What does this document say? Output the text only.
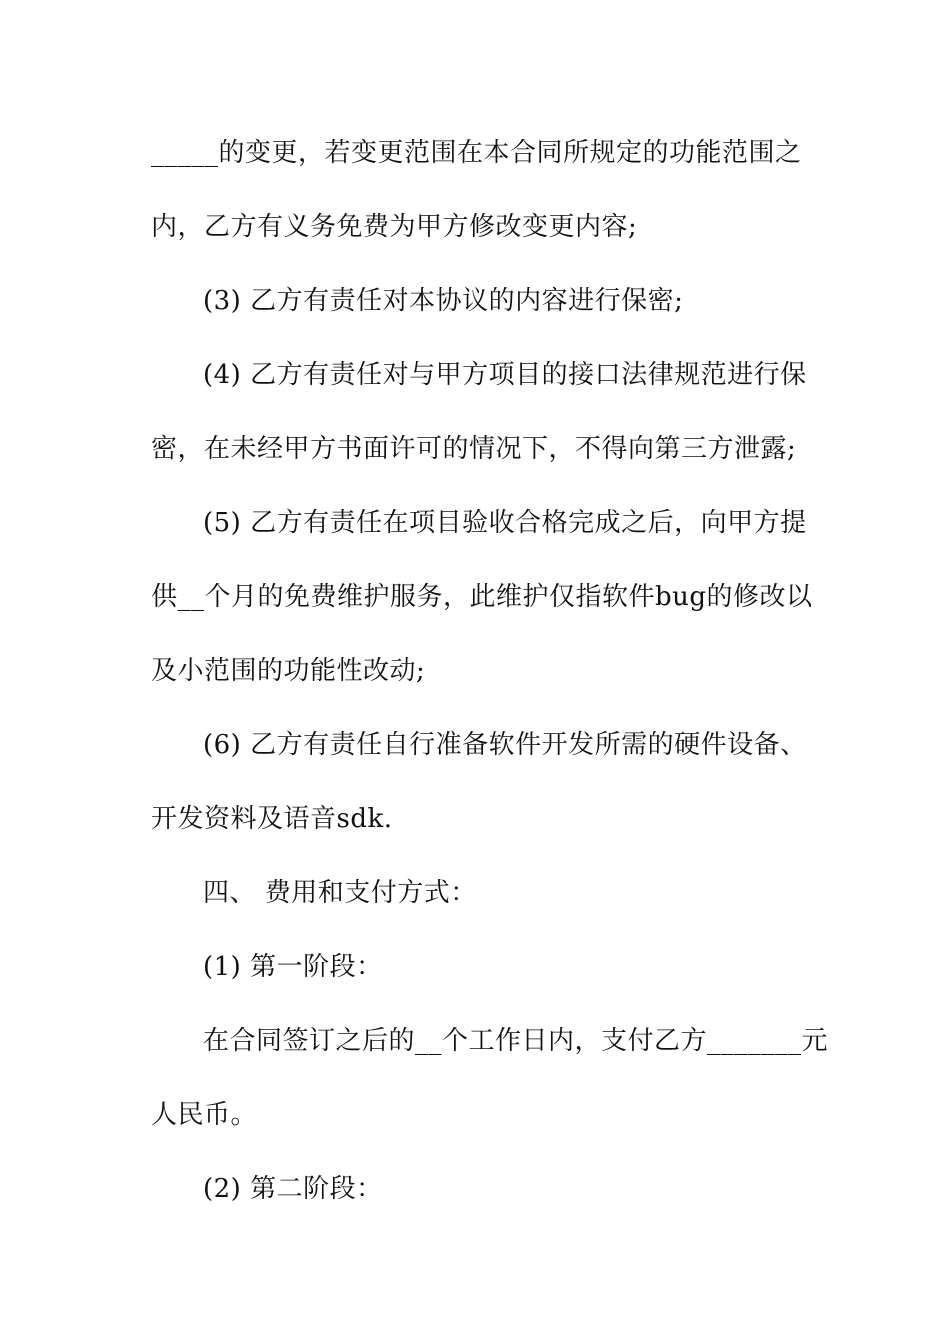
_____的变更，若变更范围在本合同所规定的功能范围之
内，乙方有义务免费为甲方修改变更内容;
(3) 乙方有责任对本协议的内容进行保密;
(4) 乙方有责任对与甲方项目的接口法律规范进行保
密，在未经甲方书面许可的情况下，不得向第三方泄露;
(5) 乙方有责任在项目验收合格完成之后，向甲方提
供__个月的免费维护服务，此维护仅指软件bug的修改以
及小范围的功能性改动;
(6) 乙方有责任自行准备软件开发所需的硬件设备、
开发资料及语音sdk.
四、 费用和支付方式：
(1) 第一阶段：
在合同签订之后的__个工作日内，支付乙方_______元
人民币。
(2) 第二阶段：
